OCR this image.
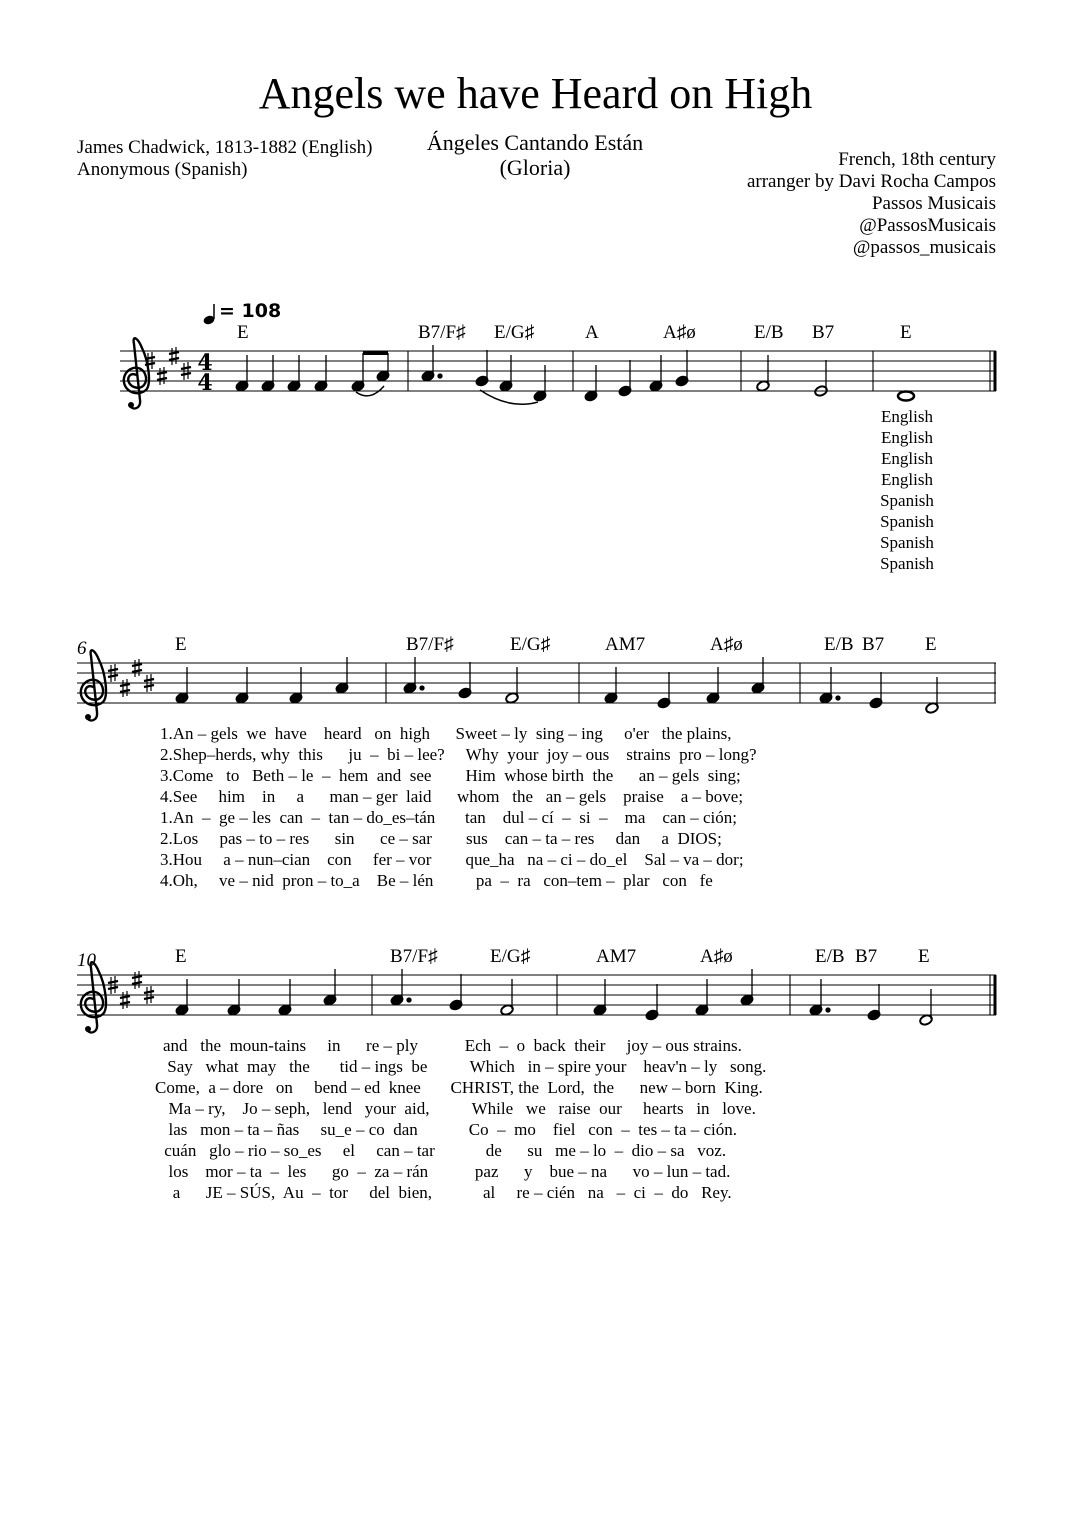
Angels we have Heard on High
James Chadwick, 1813-1882 (English)
Anonymous (Spanish)
Ángeles Cantando Están
(Gloria)	French, 18th century
arranger by Davi Rocha Campos
Passos Musicais
@PassosMusicais
@passos_musicais
= 108
E	B7/F♯ E/G♯	A	A♯ø	E/B B7	E
English
English
English
English
Spanish
Spanish
Spanish
Spanish
6	E	B7/F♯	E/G♯	AM7	A♯ø	E/B B7 E
1.An – gels  we  have    heard   on  high      Sweet – ly  sing – ing     o'er   the plains,
2.Shep–herds, why  this      ju  –  bi – lee?     Why  your  joy – ous    strains  pro – long?
3.Come   to   Beth – le  –  hem  and  see        Him  whose birth  the      an – gels  sing;
4.See     him    in     a      man – ger  laid      whom   the   an – gels    praise    a – bove;
1.An  –  ge – les  can  –  tan – do_es–tán       tan    dul – cí  –  si  –    ma    can – ción;
2.Los     pas – to – res      sin      ce – sar        sus    can – ta – res     dan     a  DIOS;
3.Hou     a – nun–cian    con     fer – vor        que_ha   na – ci – do_el    Sal – va – dor;
4.Oh,     ve – nid  pron – to_a    Be – lén          pa  –  ra   con–tem –  plar   con   fe
10	E	B7/F♯	E/G♯	AM7	A♯ø	E/B B7 E
and   the  moun-tains     in      re – ply           Ech  –  o  back  their     joy – ous strains.
Say   what  may   the       tid – ings  be          Which   in – spire your    heav'n – ly   song.
Come,  a – dore   on     bend – ed  knee       CHRIST, the  Lord,  the      new – born  King.
Ma – ry,    Jo – seph,   lend   your  aid,          While   we   raise  our     hearts   in   love.
las   mon – ta – ñas     su_e – co  dan            Co  –  mo    fiel   con  –  tes – ta – ción.
cuán   glo – rio – so_es     el     can – tar            de      su   me – lo  –  dio – sa   voz.
los    mor – ta  –  les      go  –  za – rán           paz      y    bue – na      vo – lun – tad.
a      JE – SÚS,  Au  –  tor     del  bien,            al     re – cién   na   –  ci  –  do   Rey.
4
4
